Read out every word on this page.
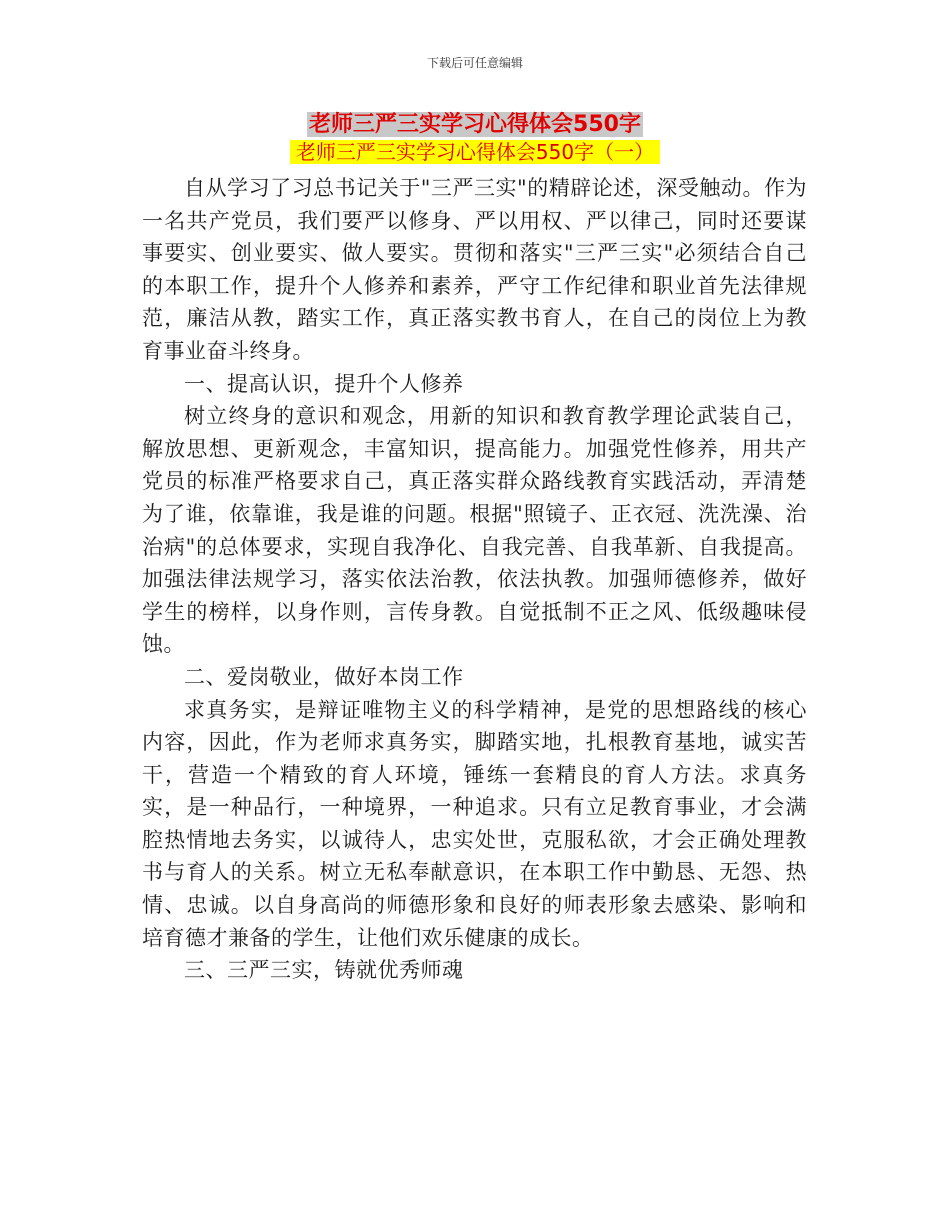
下载后可任意编辑
老师三严三实学习心得体会550字
老师三严三实学习心得体会550字（一）

自从学习了习总书记关于"三严三实"的精辟论述，深受触动。作为一名共产党员，我们要严以修身、严以用权、严以律己，同时还要谋事要实、创业要实、做人要实。贯彻和落实"三严三实"必须结合自己的本职工作，提升个人修养和素养，严守工作纪律和职业首先法律规范，廉洁从教，踏实工作，真正落实教书育人，在自己的岗位上为教育事业奋斗终身。

一、提高认识，提升个人修养

树立终身的意识和观念，用新的知识和教育教学理论武装自己，解放思想、更新观念，丰富知识，提高能力。加强党性修养，用共产党员的标准严格要求自己，真正落实群众路线教育实践活动，弄清楚为了谁，依靠谁，我是谁的问题。根据"照镜子、正衣冠、洗洗澡、治治病"的总体要求，实现自我净化、自我完善、自我革新、自我提高。加强法律法规学习，落实依法治教，依法执教。加强师德修养，做好学生的榜样，以身作则，言传身教。自觉抵制不正之风、低级趣味侵蚀。

二、爱岗敬业，做好本岗工作

求真务实，是辩证唯物主义的科学精神，是党的思想路线的核心内容，因此，作为老师求真务实，脚踏实地，扎根教育基地，诚实苦干，营造一个精致的育人环境，锤练一套精良的育人方法。求真务实，是一种品行，一种境界，一种追求。只有立足教育事业，才会满腔热情地去务实，以诚待人，忠实处世，克服私欲，才会正确处理教书与育人的关系。树立无私奉献意识，在本职工作中勤恳、无怨、热情、忠诚。以自身高尚的师德形象和良好的师表形象去感染、影响和培育德才兼备的学生，让他们欢乐健康的成长。

三、三严三实，铸就优秀师魂
